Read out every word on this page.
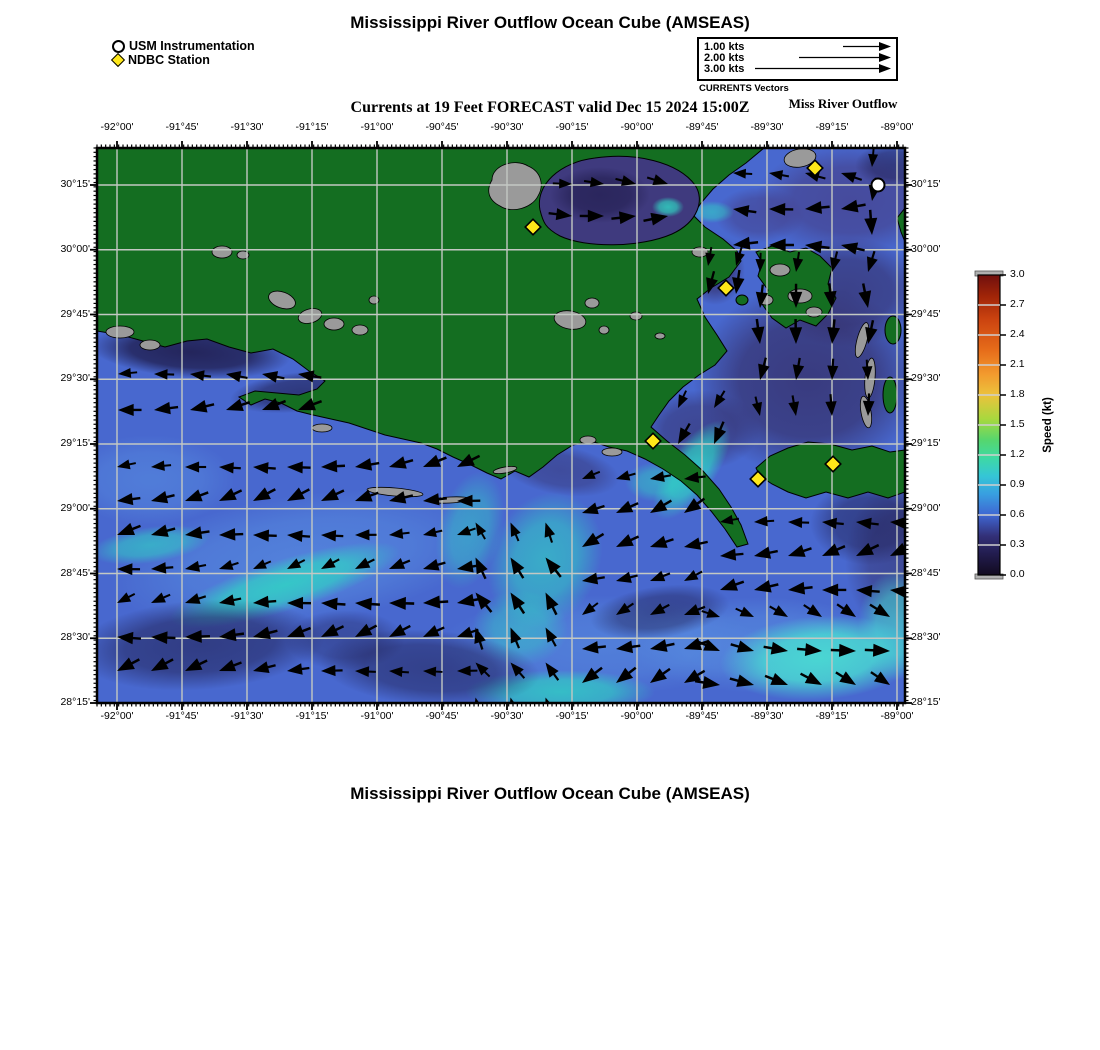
Mississippi River Outflow Ocean Cube (AMSEAS)
USM Instrumentation
NDBC Station
1.00 kts
2.00 kts
3.00 kts
CURRENTS Vectors
Miss River Outflow
Currents at 19 Feet FORECAST valid Dec 15 2024 15:00Z
Speed (kt)
Mississippi River Outflow Ocean Cube (AMSEAS)
-92°00'
-92°00'
-91°45'
-91°45'
-91°30'
-91°30'
-91°15'
-91°15'
-91°00'
-91°00'
-90°45'
-90°45'
-90°30'
-90°30'
-90°15'
-90°15'
-90°00'
-90°00'
-89°45'
-89°45'
-89°30'
-89°30'
-89°15'
-89°15'
-89°00'
-89°00'
30°15'	30°15'
30°00'	30°00'
29°45'	29°45'
29°30'	29°30'
29°15'	29°15'
29°00'	29°00'
28°45'	28°45'
28°30'	28°30'
28°15'	28°15'
3.0
2.7
2.4
2.1
1.8
1.5
1.2
0.9
0.6
0.3
0.0
